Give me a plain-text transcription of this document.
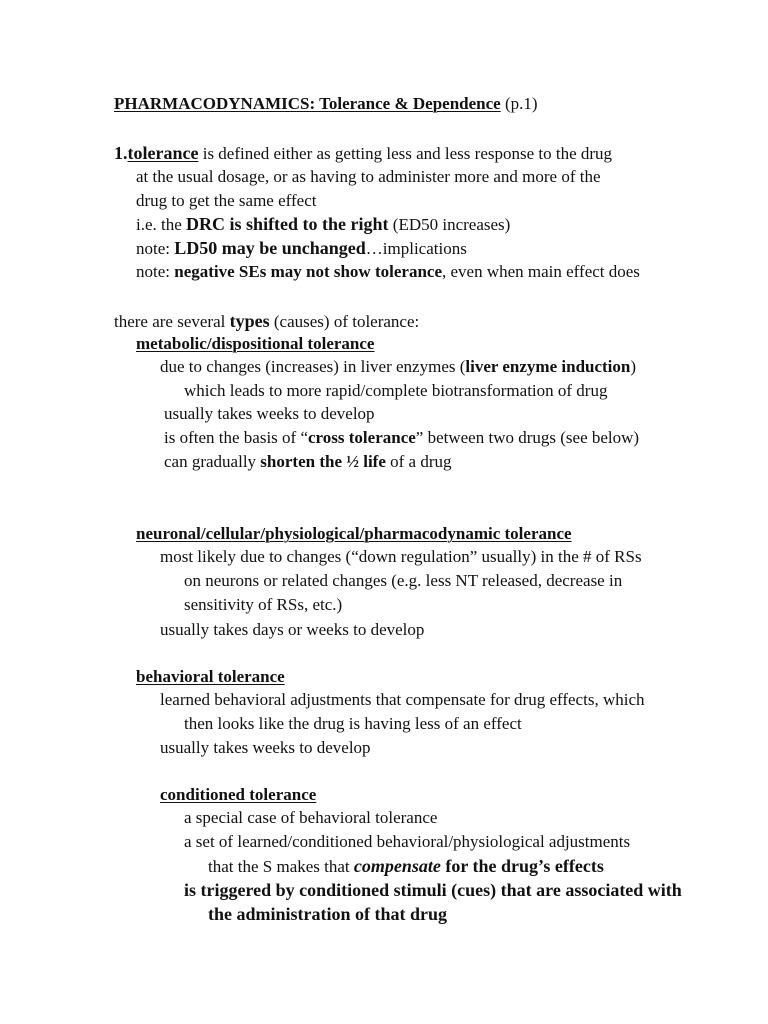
PHARMACODYNAMICS: Tolerance & Dependence (p.1)
1.tolerance is defined either as getting less and less response to the drug
at the usual dosage, or as having to administer more and more of the
drug to get the same effect
i.e. the DRC is shifted to the right (ED50 increases)
note: LD50 may be unchanged…implications
note: negative SEs may not show tolerance, even when main effect does
there are several types (causes) of tolerance:
metabolic/dispositional tolerance
due to changes (increases) in liver enzymes (liver enzyme induction)
which leads to more rapid/complete biotransformation of drug
usually takes weeks to develop
is often the basis of “cross tolerance” between two drugs (see below)
can gradually shorten the ½ life of a drug
neuronal/cellular/physiological/pharmacodynamic tolerance
most likely due to changes (“down regulation” usually) in the # of RSs
on neurons or related changes (e.g. less NT released, decrease in
sensitivity of RSs, etc.)
usually takes days or weeks to develop
behavioral tolerance
learned behavioral adjustments that compensate for drug effects, which
then looks like the drug is having less of an effect
usually takes weeks to develop
conditioned tolerance
a special case of behavioral tolerance
a set of learned/conditioned behavioral/physiological adjustments
that the S makes that compensate for the drug’s effects
is triggered by conditioned stimuli (cues) that are associated with
the administration of that drug
